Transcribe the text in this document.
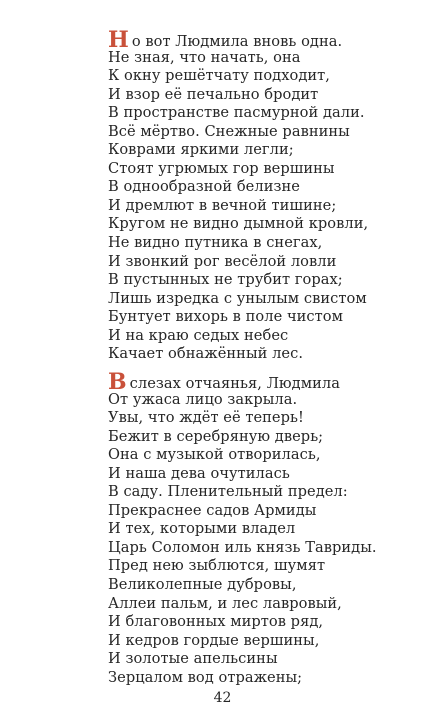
Но вот Людмила вновь одна.
Не зная, что начать, она
К окну решётчату подходит,
И взор её печально бродит
В пространстве пасмурной дали.
Всё мёртво. Снежные равнины
Коврами яркими легли;
Стоят угрюмых гор вершины
В однообразной белизне
И дремлют в вечной тишине;
Кругом не видно дымной кровли,
Не видно путника в снегах,
И звонкий рог весёлой ловли
В пустынных не трубит горах;
Лишь изредка с унылым свистом
Бунтует вихорь в поле чистом
И на краю седых небес
Качает обнажённый лес.
Вслезах отчаянья, Людмила
От ужаса лицо закрыла.
Увы, что ждёт её теперь!
Бежит в серебряную дверь;
Она с музыкой отворилась,
И наша дева очутилась
В саду. Пленительный предел:
Прекраснее садов Армиды
И тех, которыми владел
Царь Соломон иль князь Тавриды.
Пред нею зыблются, шумят
Великолепные дубровы,
Аллеи пальм, и лес лавровый,
И благовонных миртов ряд,
И кедров гордые вершины,
И золотые апельсины
Зерцалом вод отражены;
42
